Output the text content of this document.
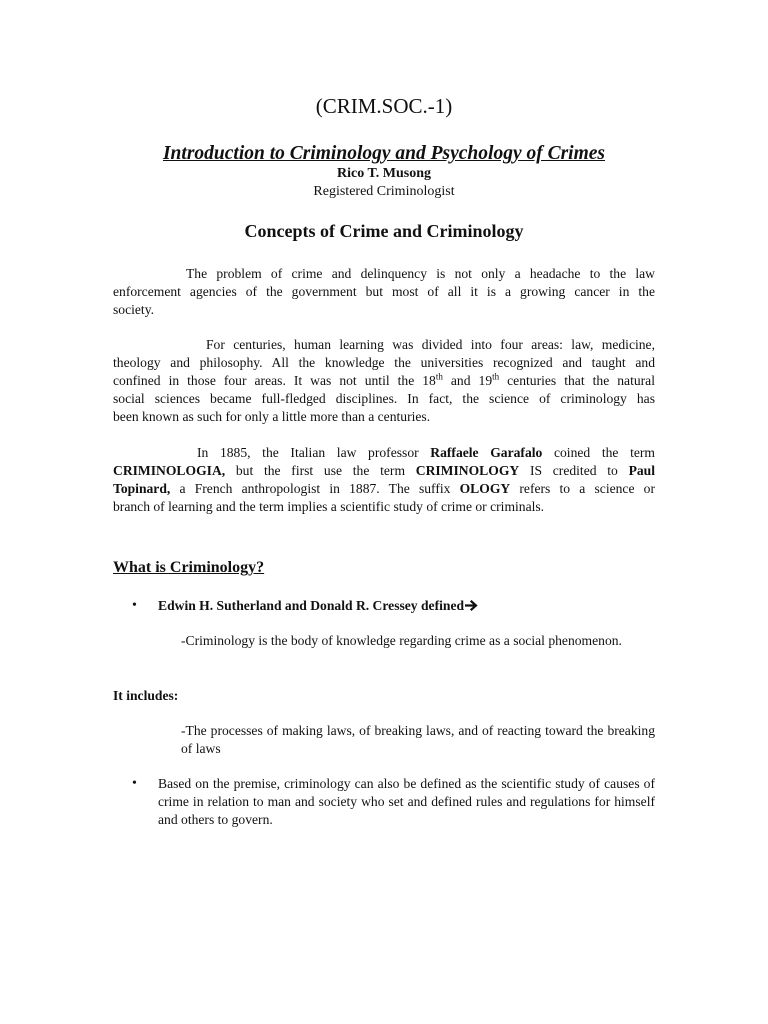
(CRIM.SOC.-1)
Introduction to Criminology and Psychology of Crimes
Rico T. Musong
Registered Criminologist
Concepts of Crime and Criminology
The problem of crime and delinquency is not only a headache to the law
enforcement agencies of the government but most of all it is a growing cancer in the
society.
For centuries, human learning was divided into four areas: law, medicine,
theology and philosophy. All the knowledge the universities recognized and taught and
confined in those four areas. It was not until the 18th and 19th centuries that the natural
social sciences became full-fledged disciplines. In fact, the science of criminology has
been known as such for only a little more than a centuries.
In 1885, the Italian law professor Raffaele Garafalo coined the term
CRIMINOLOGIA, but the first use the term CRIMINOLOGY IS credited to Paul
Topinard, a French anthropologist in 1887. The suffix OLOGY refers to a science or
branch of learning and the term implies a scientific study of crime or criminals.
What is Criminology?
• Edwin H. Sutherland and Donald R. Cressey defined
-Criminology is the body of knowledge regarding crime as a social phenomenon.
It includes:
-The processes of making laws, of breaking laws, and of reacting toward the breaking of laws
• Based on the premise, criminology can also be defined as the scientific study of causes of crime in relation to man and society who set and defined rules and regulations for himself and others to govern.
